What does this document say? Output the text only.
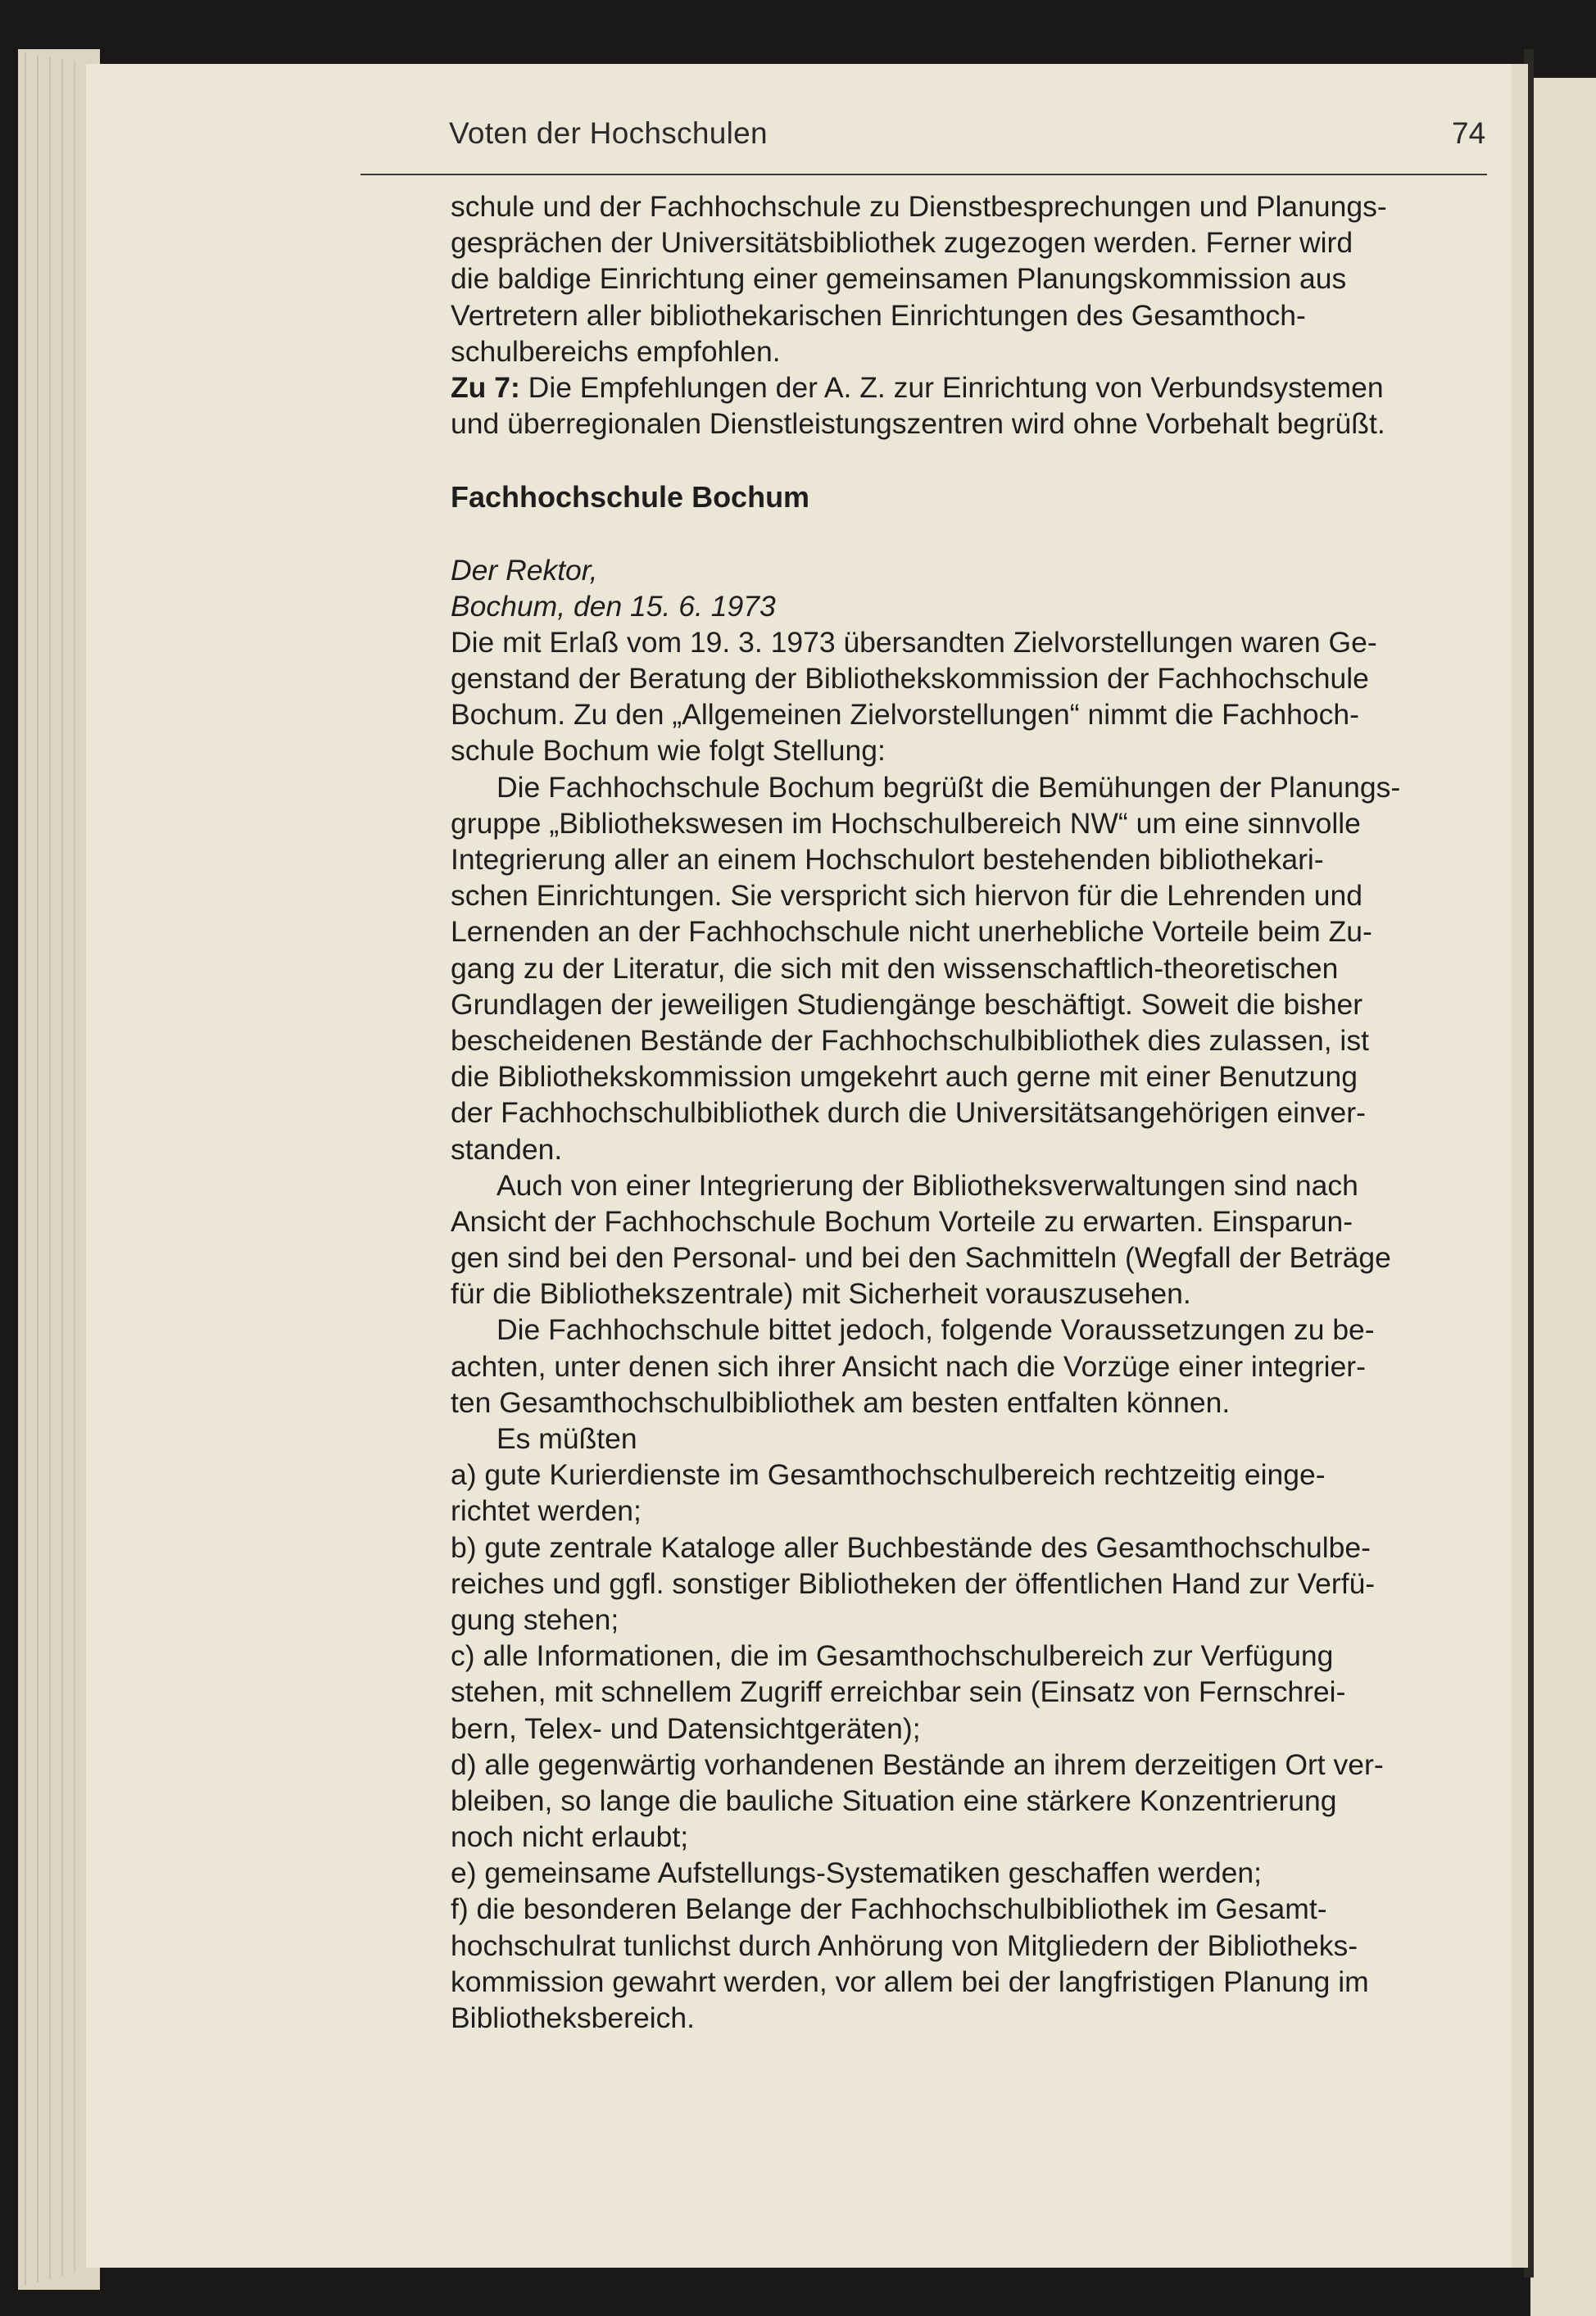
Voten der Hochschulen	74
schule und der Fachhochschule zu Dienstbesprechungen und Planungs-
gesprächen der Universitätsbibliothek zugezogen werden. Ferner wird
die baldige Einrichtung einer gemeinsamen Planungskommission aus
Vertretern aller bibliothekarischen Einrichtungen des Gesamthoch-
schulbereichs empfohlen.
Zu 7: Die Empfehlungen der A. Z. zur Einrichtung von Verbundsystemen
und überregionalen Dienstleistungszentren wird ohne Vorbehalt begrüßt.
Fachhochschule Bochum
Der Rektor,
Bochum, den 15. 6. 1973
Die mit Erlaß vom 19. 3. 1973 übersandten Zielvorstellungen waren Ge-
genstand der Beratung der Bibliothekskommission der Fachhochschule
Bochum. Zu den „Allgemeinen Zielvorstellungen“ nimmt die Fachhoch-
schule Bochum wie folgt Stellung:
Die Fachhochschule Bochum begrüßt die Bemühungen der Planungs-
gruppe „Bibliothekswesen im Hochschulbereich NW“ um eine sinnvolle
Integrierung aller an einem Hochschulort bestehenden bibliothekari-
schen Einrichtungen. Sie verspricht sich hiervon für die Lehrenden und
Lernenden an der Fachhochschule nicht unerhebliche Vorteile beim Zu-
gang zu der Literatur, die sich mit den wissenschaftlich-theoretischen
Grundlagen der jeweiligen Studiengänge beschäftigt. Soweit die bisher
bescheidenen Bestände der Fachhochschulbibliothek dies zulassen, ist
die Bibliothekskommission umgekehrt auch gerne mit einer Benutzung
der Fachhochschulbibliothek durch die Universitätsangehörigen einver-
standen.
Auch von einer Integrierung der Bibliotheksverwaltungen sind nach
Ansicht der Fachhochschule Bochum Vorteile zu erwarten. Einsparun-
gen sind bei den Personal- und bei den Sachmitteln (Wegfall der Beträge
für die Bibliothekszentrale) mit Sicherheit vorauszusehen.
Die Fachhochschule bittet jedoch, folgende Voraussetzungen zu be-
achten, unter denen sich ihrer Ansicht nach die Vorzüge einer integrier-
ten Gesamthochschulbibliothek am besten entfalten können.
Es müßten
a) gute Kurierdienste im Gesamthochschulbereich rechtzeitig einge-
richtet werden;
b) gute zentrale Kataloge aller Buchbestände des Gesamthochschulbe-
reiches und ggfl. sonstiger Bibliotheken der öffentlichen Hand zur Verfü-
gung stehen;
c) alle Informationen, die im Gesamthochschulbereich zur Verfügung
stehen, mit schnellem Zugriff erreichbar sein (Einsatz von Fernschrei-
bern, Telex- und Datensichtgeräten);
d) alle gegenwärtig vorhandenen Bestände an ihrem derzeitigen Ort ver-
bleiben, so lange die bauliche Situation eine stärkere Konzentrierung
noch nicht erlaubt;
e) gemeinsame Aufstellungs-Systematiken geschaffen werden;
f) die besonderen Belange der Fachhochschulbibliothek im Gesamt-
hochschulrat tunlichst durch Anhörung von Mitgliedern der Bibliotheks-
kommission gewahrt werden, vor allem bei der langfristigen Planung im
Bibliotheksbereich.
